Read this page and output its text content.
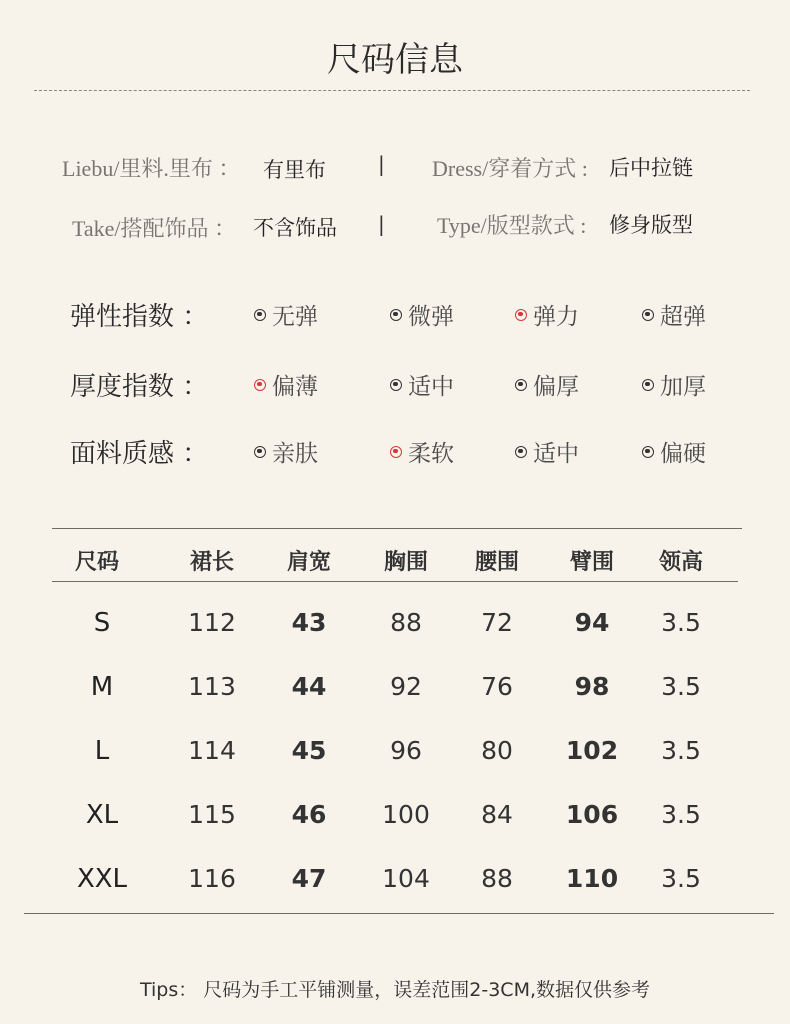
尺码信息
Liebu/里料.里布 ： 有里布	| Dress/穿着方式 : 后中拉链
Take/搭配饰品 ： 不含饰品 | Type/版型款式 : 修身版型
弹性指数 ：	无弹	微弹	弹力	超弹
厚度指数 ：	偏薄	适中	偏厚	加厚
面料质感 ：	亲肤	柔软	适中	偏硬
尺码	裙长	肩宽	胸围	腰围	臂围	领高
S	112	43	88	72	94	3.5
M	113	44	92	76	98	3.5
L	114	45	96	80	102	3.5
XL	115	46	100	84	106	3.5
XXL	116	47	104	88	110	3.5
Tips： 尺码为手工平铺测量，误差范围2-3CM,数据仅供参考
